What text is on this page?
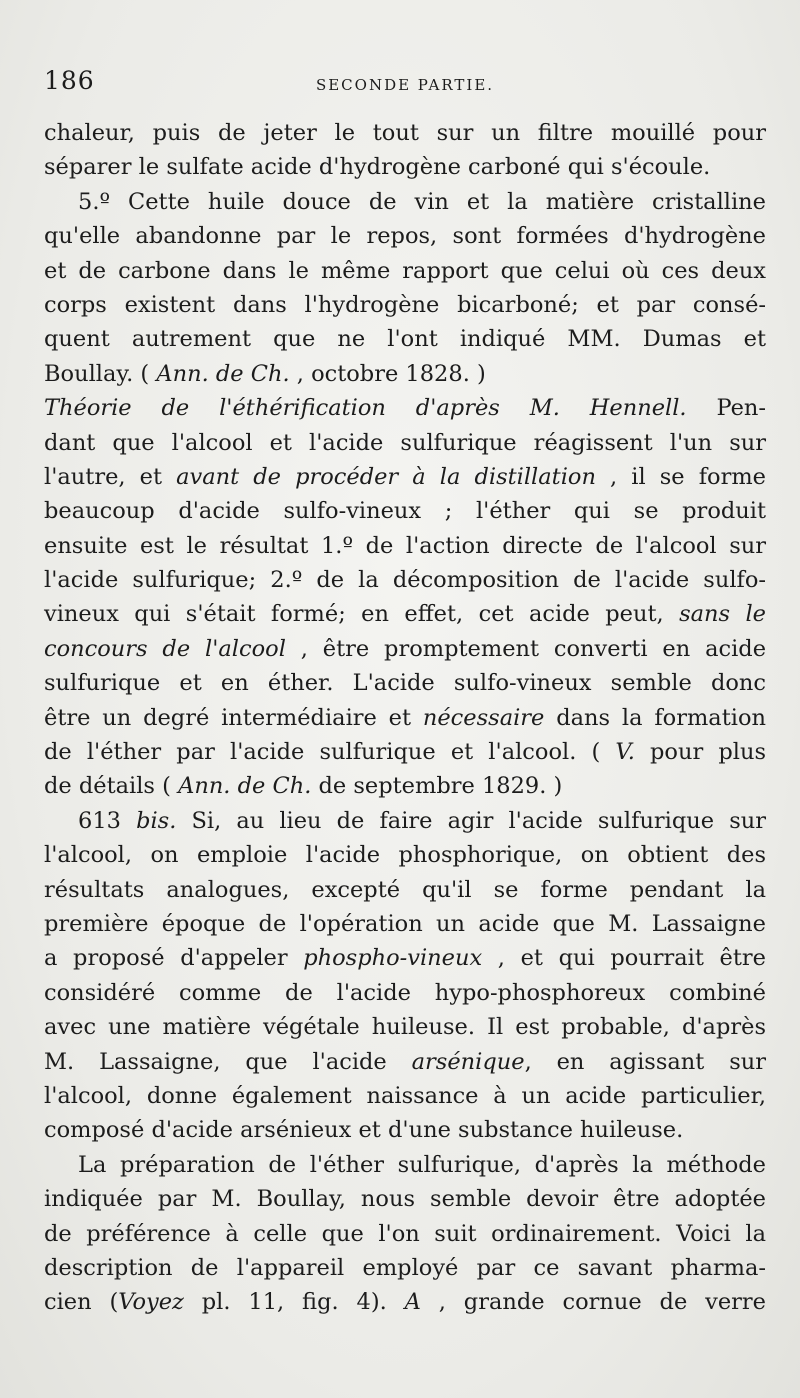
186	SECONDE PARTIE.
chaleur, puis de jeter le tout sur un filtre mouillé pour
séparer le sulfate acide d'hydrogène carboné qui s'écoule.
5.º Cette huile douce de vin et la matière cristalline
qu'elle abandonne par le repos, sont formées d'hydrogène
et de carbone dans le même rapport que celui où ces deux
corps existent dans l'hydrogène bicarboné; et par consé-
quent autrement que ne l'ont indiqué MM. Dumas et
Boullay. ( Ann. de Ch. , octobre 1828. )
Théorie de l'éthérification d'après M. Hennell. Pen-
dant que l'alcool et l'acide sulfurique réagissent l'un sur
l'autre, et avant de procéder à la distillation , il se forme
beaucoup d'acide sulfo-vineux ; l'éther qui se produit
ensuite est le résultat 1.º de l'action directe de l'alcool sur
l'acide sulfurique; 2.º de la décomposition de l'acide sulfo-
vineux qui s'était formé; en effet, cet acide peut, sans le
concours de l'alcool , être promptement converti en acide
sulfurique et en éther. L'acide sulfo-vineux semble donc
être un degré intermédiaire et nécessaire dans la formation
de l'éther par l'acide sulfurique et l'alcool. ( V. pour plus
de détails ( Ann. de Ch. de septembre 1829. )
613 bis. Si, au lieu de faire agir l'acide sulfurique sur
l'alcool, on emploie l'acide phosphorique, on obtient des
résultats analogues, excepté qu'il se forme pendant la
première époque de l'opération un acide que M. Lassaigne
a proposé d'appeler phospho-vineux , et qui pourrait être
considéré comme de l'acide hypo-phosphoreux combiné
avec une matière végétale huileuse. Il est probable, d'après
M. Lassaigne, que l'acide arsénique, en agissant sur
l'alcool, donne également naissance à un acide particulier,
composé d'acide arsénieux et d'une substance huileuse.
La préparation de l'éther sulfurique, d'après la méthode
indiquée par M. Boullay, nous semble devoir être adoptée
de préférence à celle que l'on suit ordinairement. Voici la
description de l'appareil employé par ce savant pharma-
cien (Voyez pl. 11, fig. 4). A , grande cornue de verre
